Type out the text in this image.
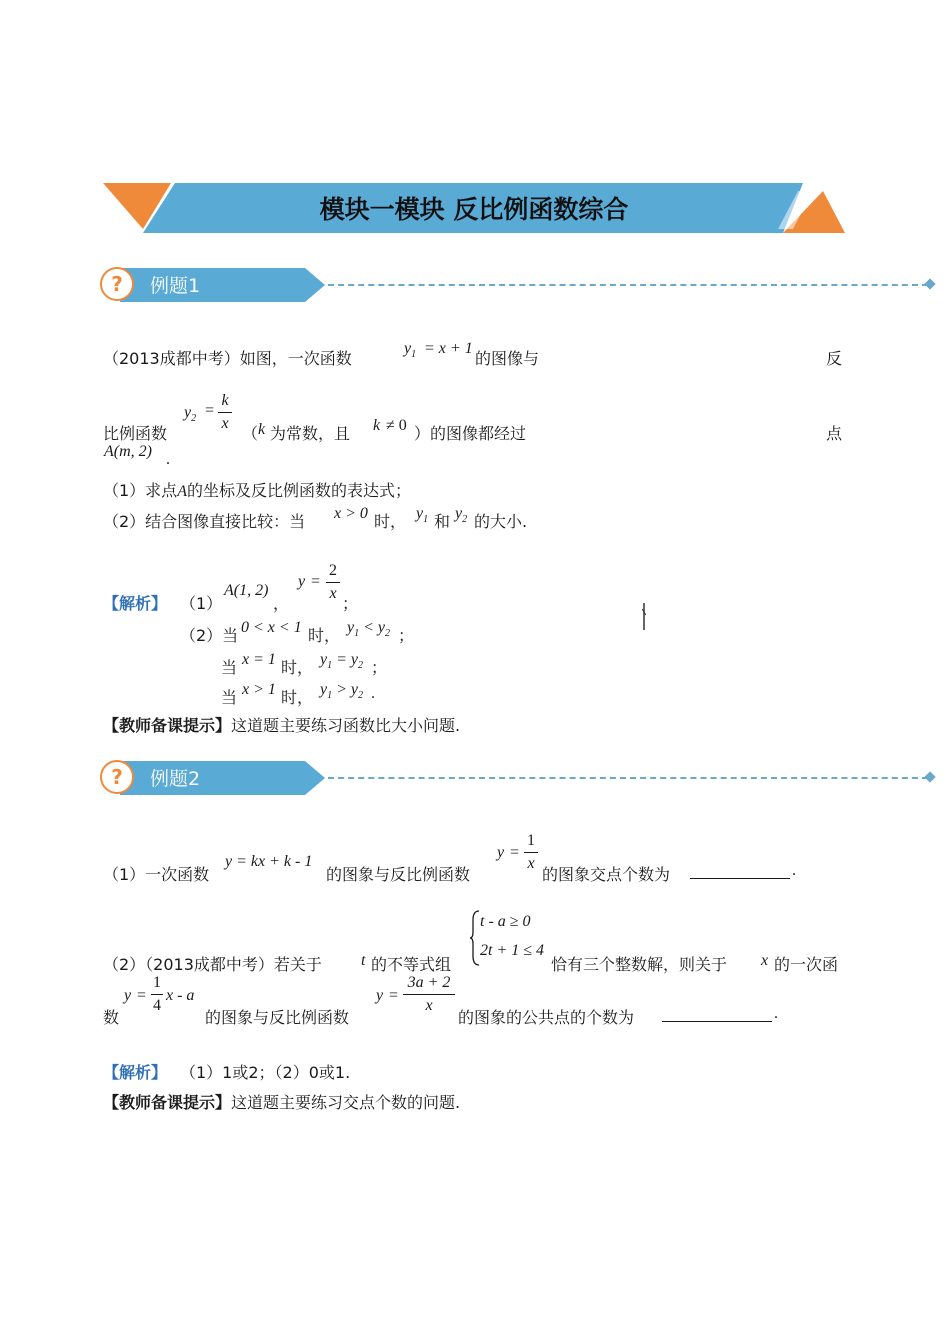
模块一模块 反比例函数综合
例题1
?
（2013成都中考）如图，一次函数
$y_1 = x + 1$
的图像与	反
比例函数
$y_2$ =
k
x
（ k 为常数，且 k ≠ 0 ）的图像都经过	点
A(m, 2) .
（1）求点A的坐标及反比例函数的表达式；
（2）结合图像直接比较：当 x > 0 时， $y_1$ 和 $y_2$ 的大小.
【解析】 （1）
A(1, 2)
，
y =
2
x
；
（2）当 0 < x < 1 时， $y_1 < y_2$ ；
当 x = 1 时， $y_1 = y_2$ ；
当 x > 1 时， $y_1 > y_2$ .
【教师备课提示】这道题主要练习函数比大小问题.
例题2
?
（1）一次函数
y = kx + k - 1
的图象与反比例函数
y =
1
x
的图象交点个数为	.
（2）（2013成都中考）若关于 t 的不等式组
t - a ≥ 0
2t + 1 ≤ 4
恰有三个整数解，则关于 x 的一次函
数
y =
1
4
x - a
的图象与反比例函数
y =
3a + 2
x
的图象的公共点的个数为	.
【解析】 （1）1或2；（2）0或1.
【教师备课提示】这道题主要练习交点个数的问题.
